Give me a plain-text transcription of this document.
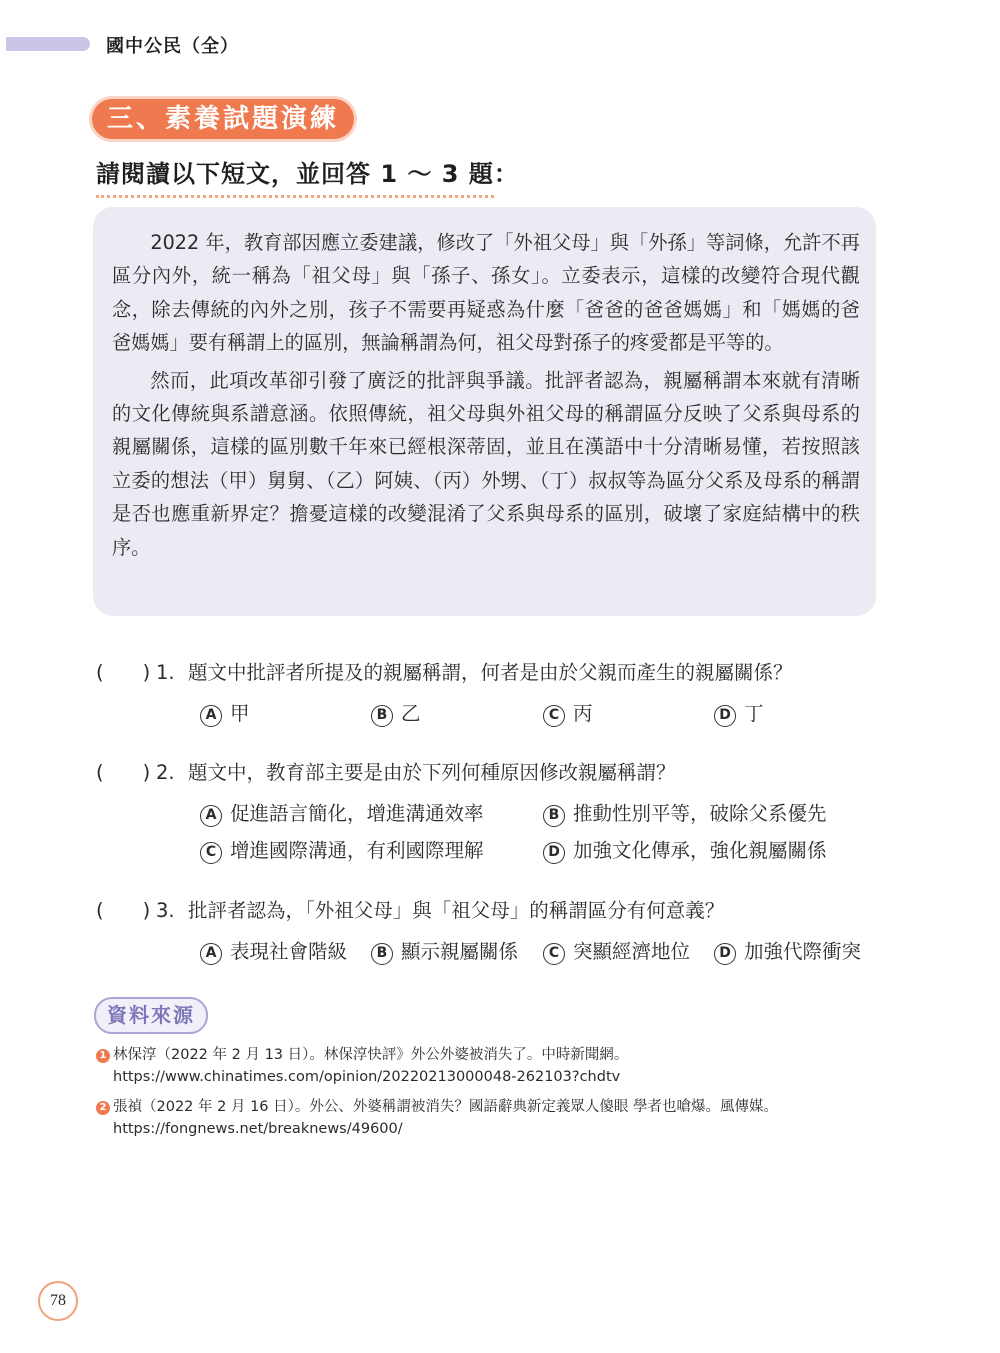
國中公民（全）
三、素養試題演練
請閱讀以下短文，並回答 1 ～ 3 題：

2022 年，教育部因應立委建議，修改了「外祖父母」與「外孫」等詞條，允許不再區分內外，統一稱為「祖父母」與「孫子、孫女」。立委表示，這樣的改變符合現代觀念，除去傳統的內外之別，孩子不需要再疑惑為什麼「爸爸的爸爸媽媽」和「媽媽的爸爸媽媽」要有稱謂上的區別，無論稱謂為何，祖父母對孫子的疼愛都是平等的。

然而，此項改革卻引發了廣泛的批評與爭議。批評者認為，親屬稱謂本來就有清晰的文化傳統與系譜意涵。依照傳統，祖父母與外祖父母的稱謂區分反映了父系與母系的親屬關係，這樣的區別數千年來已經根深蒂固，並且在漢語中十分清晰易懂，若按照該立委的想法（甲）舅舅、（乙）阿姨、（丙）外甥、（丁）叔叔等為區分父系及母系的稱謂是否也應重新界定？擔憂這樣的改變混淆了父系與母系的區別，破壞了家庭結構中的秩序。

(　　) 1. 題文中批評者所提及的親屬稱謂，何者是由於父親而產生的親屬關係？
A 甲	B 乙	C 丙	D 丁
(　　) 2. 題文中，教育部主要是由於下列何種原因修改親屬稱謂？
A 促進語言簡化，增進溝通效率	B 推動性別平等，破除父系優先
C 增進國際溝通，有利國際理解	D 加強文化傳承，強化親屬關係
(　　) 3. 批評者認為，「外祖父母」與「祖父母」的稱謂區分有何意義？
A 表現社會階級	B 顯示親屬關係	C 突顯經濟地位	D 加強代際衝突
資料來源
1 林保淳（2022 年 2 月 13 日）。林保淳快評》外公外婆被消失了。中時新聞網。
https://www.chinatimes.com/opinion/20220213000048-262103?chdtv
2 張禎（2022 年 2 月 16 日）。外公、外婆稱謂被消失？國語辭典新定義眾人傻眼 學者也嗆爆。風傳媒。
https://fongnews.net/breaknews/49600/
78
